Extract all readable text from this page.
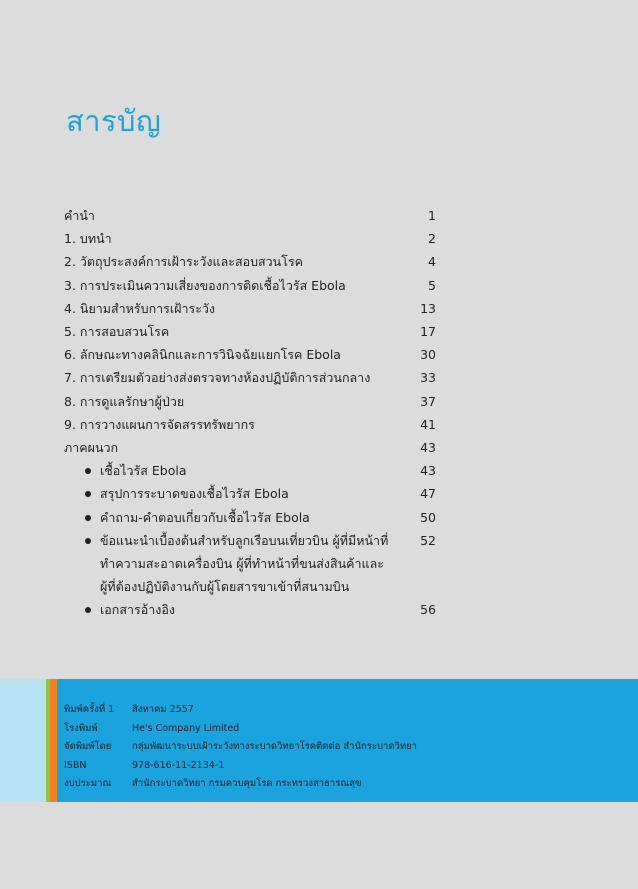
สารบัญ
คำนำ	1
1. บทนำ	2
2. วัตถุประสงค์การเฝ้าระวังและสอบสวนโรค	4
3. การประเมินความเสี่ยงของการติดเชื้อไวรัส Ebola	5
4. นิยามสำหรับการเฝ้าระวัง	13
5. การสอบสวนโรค	17
6. ลักษณะทางคลินิกและการวินิจฉัยแยกโรค Ebola	30
7. การเตรียมตัวอย่างส่งตรวจทางห้องปฏิบัติการส่วนกลาง	33
8. การดูแลรักษาผู้ป่วย	37
9. การวางแผนการจัดสรรทรัพยากร	41
ภาคผนวก	43
เชื้อไวรัส Ebola	43
สรุปการระบาดของเชื้อไวรัส Ebola	47
คำถาม-คำตอบเกี่ยวกับเชื้อไวรัส Ebola	50
ข้อแนะนำเบื้องต้นสำหรับลูกเรือบนเที่ยวบิน ผู้ที่มีหน้าที่
ทำความสะอาดเครื่องบิน ผู้ที่ทำหน้าที่ขนส่งสินค้าและ
ผู้ที่ต้องปฏิบัติงานกับผู้โดยสารขาเข้าที่สนามบิน
52
เอกสารอ้างอิง	56
พิมพ์ครั้งที่ 1	สิงหาคม 2557
โรงพิมพ์	He's Company Limited
จัดพิมพ์โดย	กลุ่มพัฒนาระบบเฝ้าระวังทางระบาดวิทยาโรคติดต่อ สำนักระบาดวิทยา
ISBN	978-616-11-2134-1
งบประมาณ	สำนักระบาดวิทยา กรมควบคุมโรค กระทรวงสาธารณสุข
